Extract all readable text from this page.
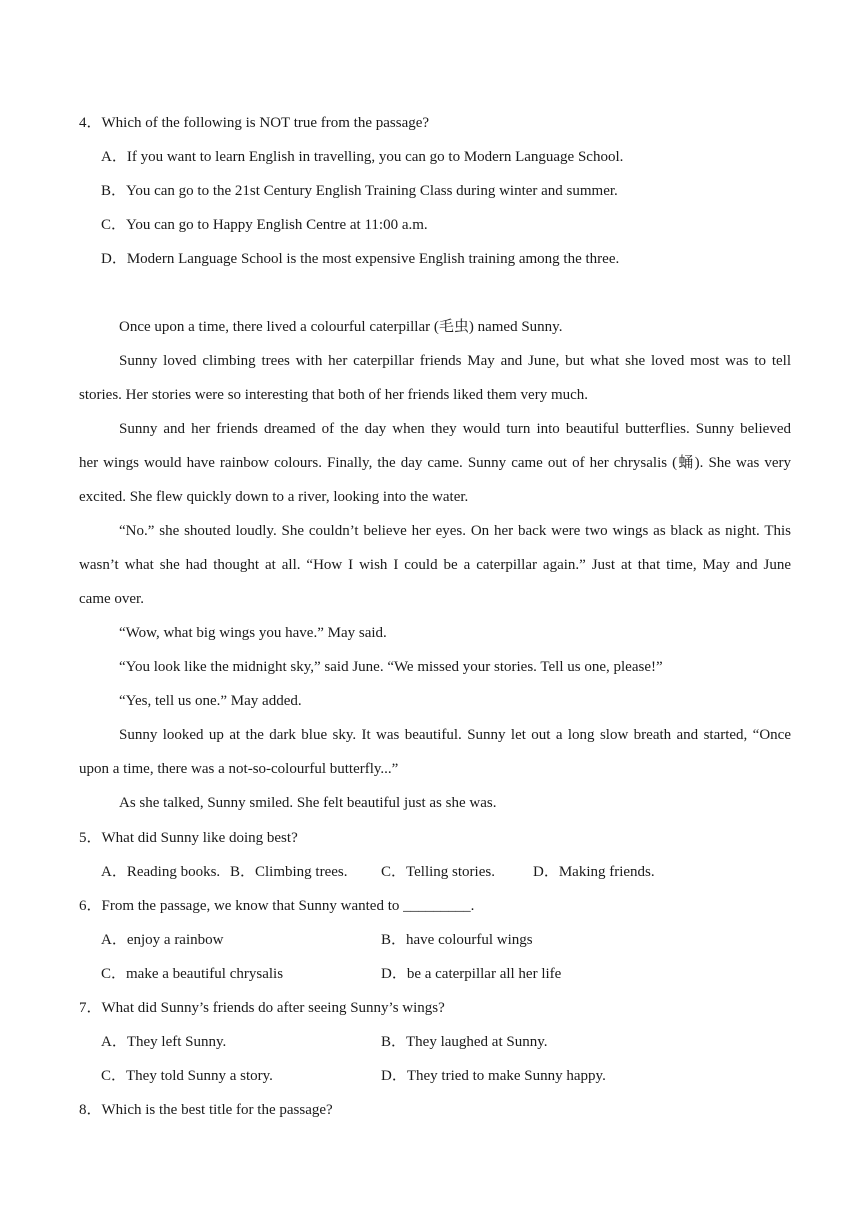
4．Which of the following is NOT true from the passage?
A．If you want to learn English in travelling, you can go to Modern Language School.
B．You can go to the 21st Century English Training Class during winter and summer.
C．You can go to Happy English Centre at 11:00 a.m.
D．Modern Language School is the most expensive English training among the three.
Once upon a time, there lived a colourful caterpillar (毛虫) named Sunny.
Sunny loved climbing trees with her caterpillar friends May and June, but what she loved most was to tell
stories. Her stories were so interesting that both of her friends liked them very much.
Sunny and her friends dreamed of the day when they would turn into beautiful butterflies. Sunny believed
her wings would have rainbow colours. Finally, the day came. Sunny came out of her chrysalis (蛹). She was very
excited. She flew quickly down to a river, looking into the water.
“No.” she shouted loudly. She couldn’t believe her eyes. On her back were two wings as black as night. This
wasn’t what she had thought at all. “How I wish I could be a caterpillar again.” Just at that time, May and June
came over.
“Wow, what big wings you have.” May said.
“You look like the midnight sky,” said June. “We missed your stories. Tell us one, please!”
“Yes, tell us one.” May added.
Sunny looked up at the dark blue sky. It was beautiful. Sunny let out a long slow breath and started, “Once
upon a time, there was a not-so-colourful butterfly...”
As she talked, Sunny smiled. She felt beautiful just as she was.
5．What did Sunny like doing best?
A．Reading books. B．Climbing trees. C．Telling stories.	D．Making friends.
6．From the passage, we know that Sunny wanted to _________.
A．enjoy a rainbow	B．have colourful wings
C．make a beautiful chrysalis	D．be a caterpillar all her life
7．What did Sunny’s friends do after seeing Sunny’s wings?
A．They left Sunny.	B．They laughed at Sunny.
C．They told Sunny a story.	D．They tried to make Sunny happy.
8．Which is the best title for the passage?
